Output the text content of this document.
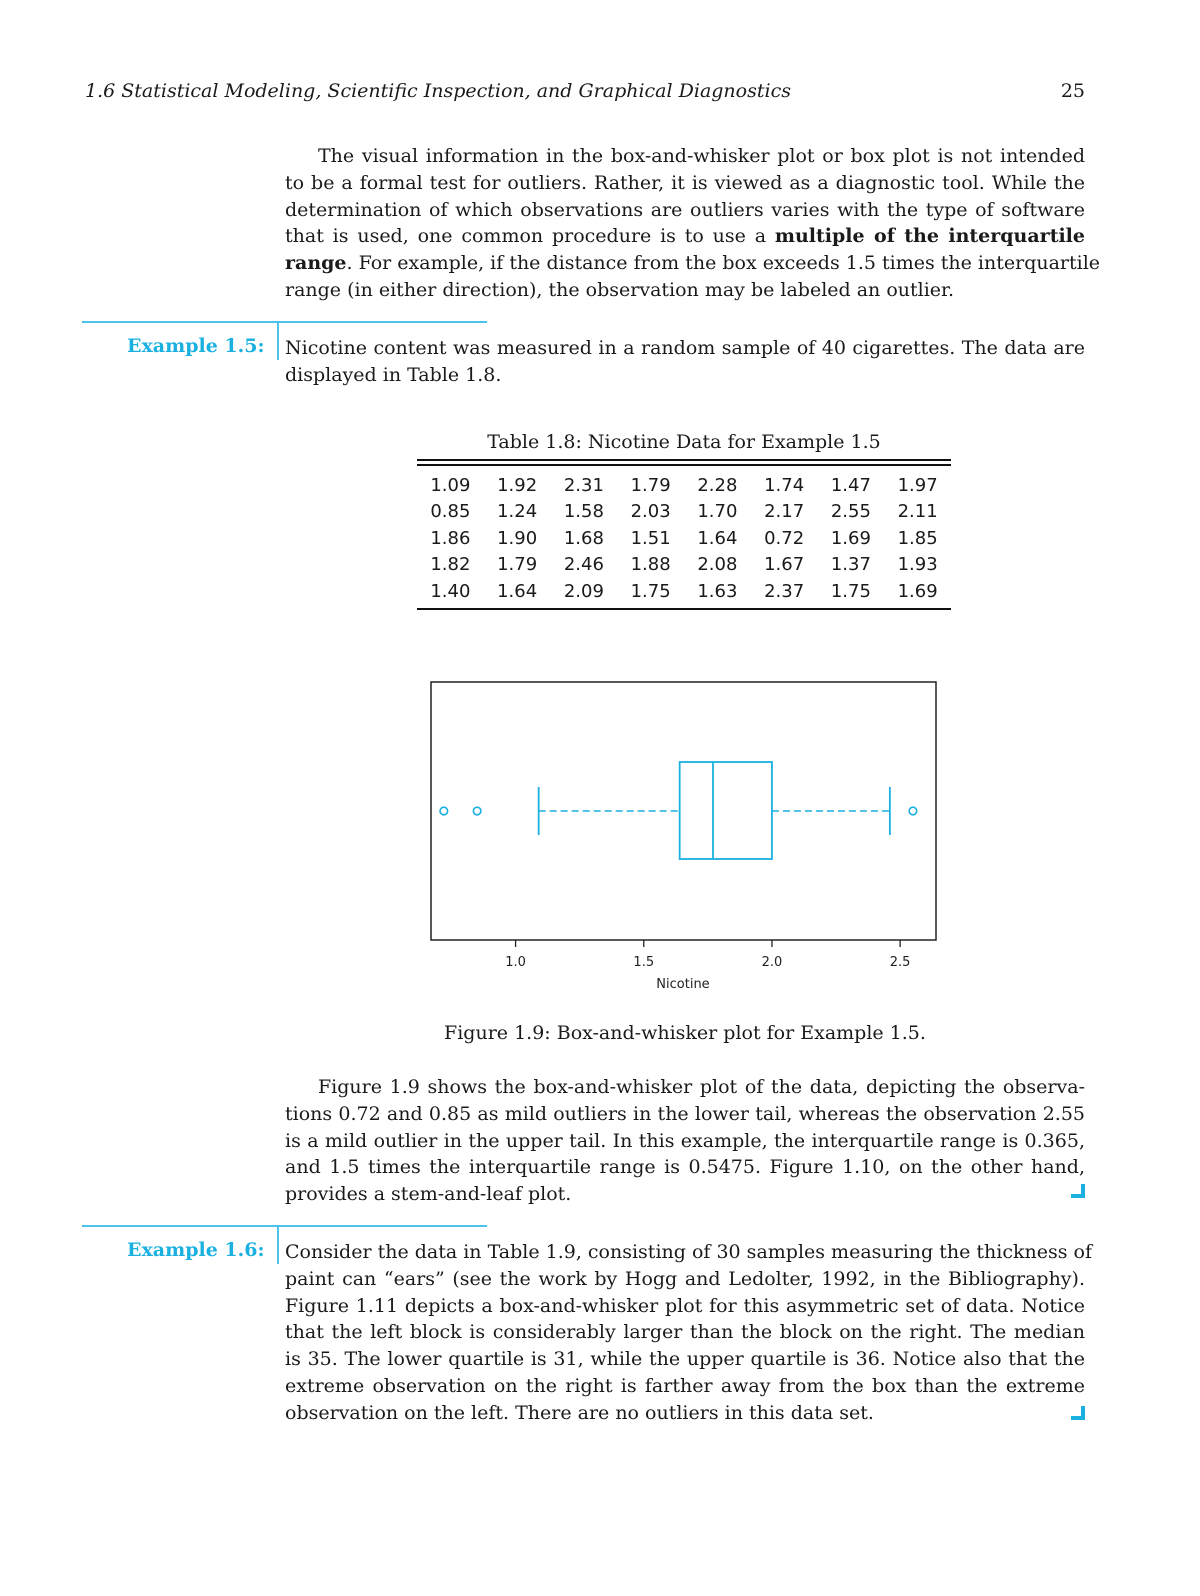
1.6 Statistical Modeling, Scientific Inspection, and Graphical Diagnostics	25
The visual information in the box-and-whisker plot or box plot is not intended
to be a formal test for outliers. Rather, it is viewed as a diagnostic tool. While the
determination of which observations are outliers varies with the type of software
that is used, one common procedure is to use a multiple of the interquartile
range. For example, if the distance from the box exceeds 1.5 times the interquartile
range (in either direction), the observation may be labeled an outlier.
Example 1.5: Nicotine content was measured in a random sample of 40 cigarettes. The data are
displayed in Table 1.8.
Table 1.8: Nicotine Data for Example 1.5
1.09	1.92	2.31	1.79	2.28	1.74	1.47	1.97
0.85	1.24	1.58	2.03	1.70	2.17	2.55	2.11
1.86	1.90	1.68	1.51	1.64	0.72	1.69	1.85
1.82	1.79	2.46	1.88	2.08	1.67	1.37	1.93
1.40	1.64	2.09	1.75	1.63	2.37	1.75	1.69
1.0	1.5	2.0	2.5
Nicotine
Figure 1.9: Box-and-whisker plot for Example 1.5.
Figure 1.9 shows the box-and-whisker plot of the data, depicting the observa-
tions 0.72 and 0.85 as mild outliers in the lower tail, whereas the observation 2.55
is a mild outlier in the upper tail. In this example, the interquartile range is 0.365,
and 1.5 times the interquartile range is 0.5475. Figure 1.10, on the other hand,
provides a stem-and-leaf plot.
Example 1.6: Consider the data in Table 1.9, consisting of 30 samples measuring the thickness of
paint can “ears” (see the work by Hogg and Ledolter, 1992, in the Bibliography).
Figure 1.11 depicts a box-and-whisker plot for this asymmetric set of data. Notice
that the left block is considerably larger than the block on the right. The median
is 35. The lower quartile is 31, while the upper quartile is 36. Notice also that the
extreme observation on the right is farther away from the box than the extreme
observation on the left. There are no outliers in this data set.
